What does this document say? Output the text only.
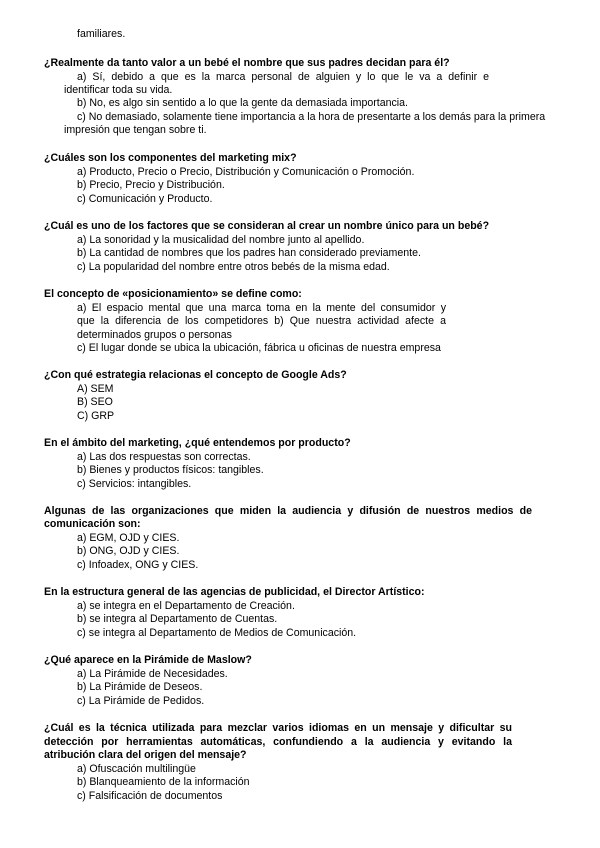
familiares.
¿Realmente da tanto valor a un bebé el nombre que sus padres decidan para él?
a) Sí, debido a que es la marca personal de alguien y lo que le va a definir e
identificar toda su vida.
b) No, es algo sin sentido a lo que la gente da demasiada importancia.
c) No demasiado, solamente tiene importancia a la hora de presentarte a los demás para la primera
impresión que tengan sobre ti.
¿Cuáles son los componentes del marketing mix?
a) Producto, Precio o Precio, Distribución y Comunicación o Promoción.
b) Precio, Precio y Distribución.
c) Comunicación y Producto.
¿Cuál es uno de los factores que se consideran al crear un nombre único para un bebé?
a) La sonoridad y la musicalidad del nombre junto al apellido.
b) La cantidad de nombres que los padres han considerado previamente.
c) La popularidad del nombre entre otros bebés de la misma edad.
El concepto de «posicionamiento» se define como:
a) El espacio mental que una marca toma en la mente del consumidor y
que la diferencia de los competidores b) Que nuestra actividad afecte a
determinados grupos o personas
c) El lugar donde se ubica la ubicación, fábrica u oficinas de nuestra empresa
¿Con qué estrategia relacionas el concepto de Google Ads?
A) SEM
B) SEO
C) GRP
En el ámbito del marketing, ¿qué entendemos por producto?
a) Las dos respuestas son correctas.
b) Bienes y productos físicos: tangibles.
c) Servicios: intangibles.
Algunas de las organizaciones que miden la audiencia y difusión de nuestros medios de
comunicación son:
a) EGM, OJD y CIES.
b) ONG, OJD y CIES.
c) Infoadex, ONG y CIES.
En la estructura general de las agencias de publicidad, el Director Artístico:
a) se integra en el Departamento de Creación.
b) se integra al Departamento de Cuentas.
c) se integra al Departamento de Medios de Comunicación.
¿Qué aparece en la Pirámide de Maslow?
a) La Pirámide de Necesidades.
b) La Pirámide de Deseos.
c) La Pirámide de Pedidos.
¿Cuál es la técnica utilizada para mezclar varios idiomas en un mensaje y dificultar su
detección por herramientas automáticas, confundiendo a la audiencia y evitando la
atribución clara del origen del mensaje?
a) Ofuscación multilingüe
b) Blanqueamiento de la información
c) Falsificación de documentos
